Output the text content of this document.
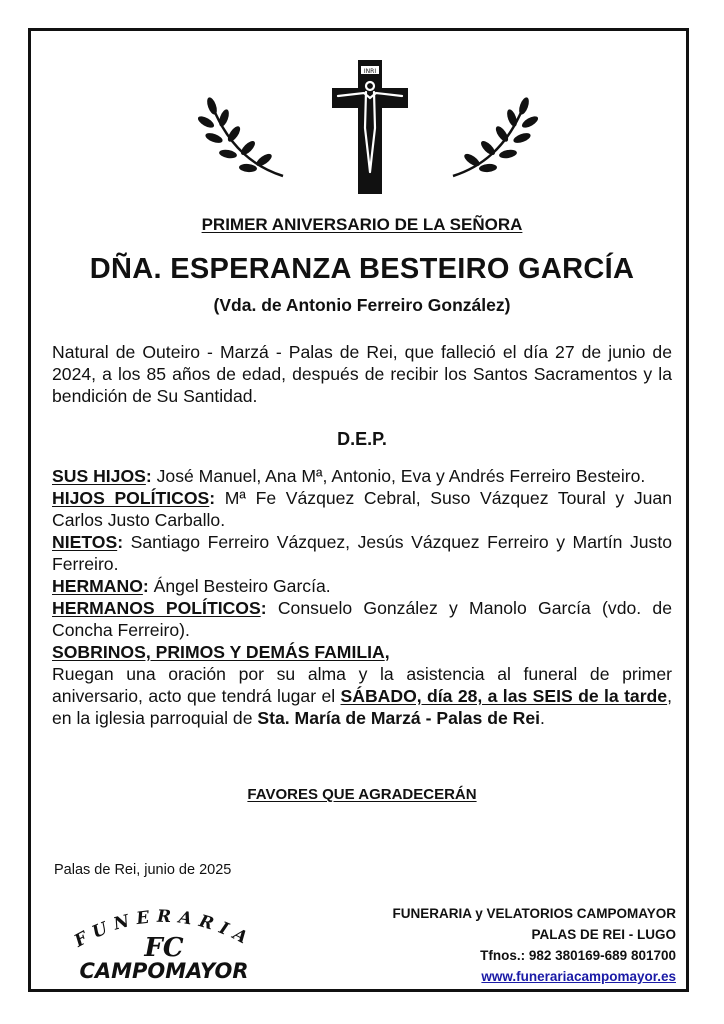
INRI
PRIMER ANIVERSARIO DE LA SEÑORA
DÑA. ESPERANZA BESTEIRO GARCÍA
(Vda. de Antonio Ferreiro González)
Natural de Outeiro - Marzá - Palas de Rei, que falleció el día 27 de junio de 2024, a los 85 años de edad, después de recibir los Santos Sacramentos y la bendición de Su Santidad.
D.E.P.

SUS HIJOS: José Manuel, Ana Mª, Antonio, Eva y Andrés Ferreiro Besteiro.

HIJOS POLÍTICOS: Mª Fe Vázquez Cebral, Suso Vázquez Toural y Juan Carlos Justo Carballo.

NIETOS: Santiago Ferreiro Vázquez, Jesús Vázquez Ferreiro y Martín Justo Ferreiro.

HERMANO: Ángel Besteiro García.

HERMANOS POLÍTICOS: Consuelo González y Manolo García (vdo. de Concha Ferreiro).

SOBRINOS, PRIMOS Y DEMÁS FAMILIA,

Ruegan una oración por su alma y la asistencia al funeral de primer aniversario, acto que tendrá lugar el SÁBADO, día 28, a las SEIS de la tarde, en la iglesia parroquial de Sta. María de Marzá - Palas de Rei.

FAVORES QUE AGRADECERÁN
Palas de Rei, junio de 2025
FUNERARIA
FC
CAMPOMAYOR
FUNERARIA y VELATORIOS CAMPOMAYOR
PALAS DE REI - LUGO
Tfnos.: 982 380169-689 801700
www.funerariacampomayor.es
